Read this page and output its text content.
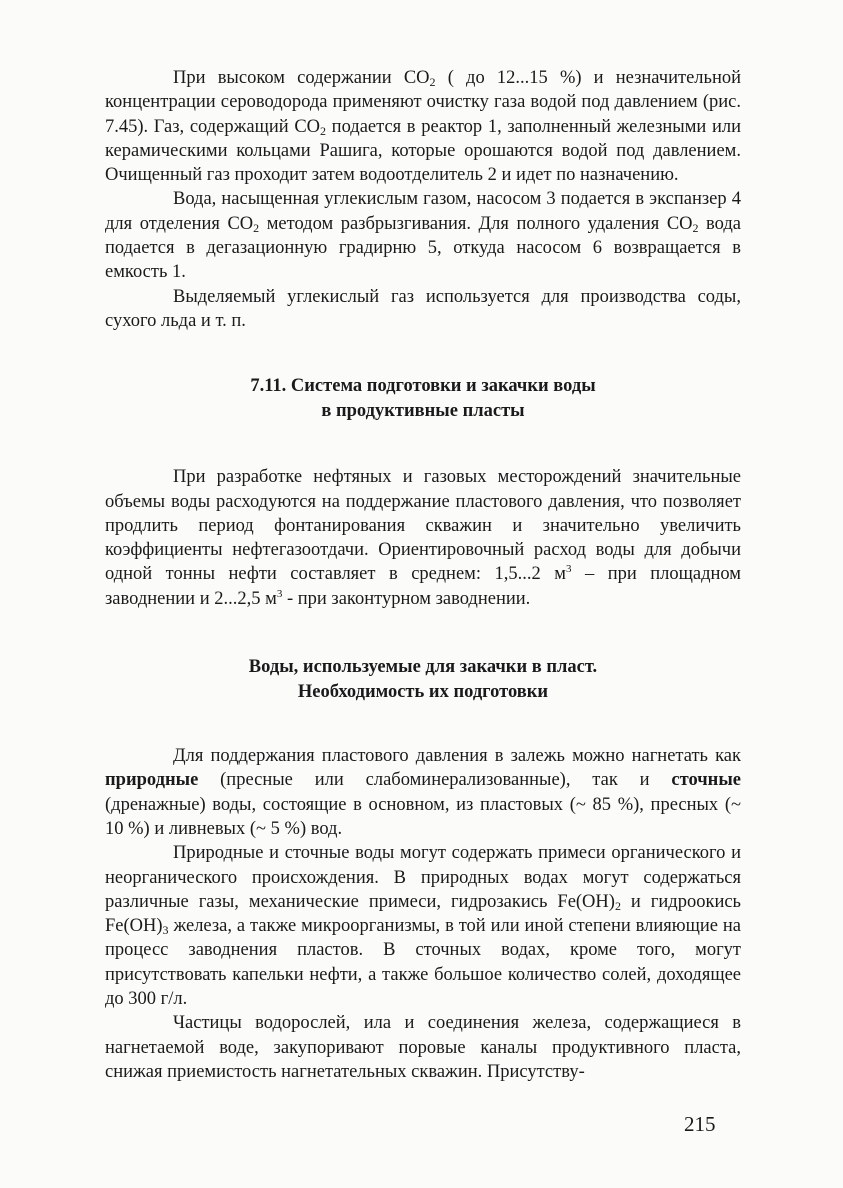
При высоком содержании $CO_2$ ( до 12...15 %) и незначительной концентрации сероводорода применяют очистку газа водой под давлением (рис. 7.45). Газ, содержащий $CO_2$ подается в реактор 1, заполненный железными или керамическими кольцами Рашига, которые орошаются водой под давлением. Очищенный газ проходит затем водоотделитель 2 и идет по назначению.

Вода, насыщенная углекислым газом, насосом 3 подается в экспанзер 4 для отделения $CO_2$ методом разбрызгивания. Для полного удаления $CO_2$ вода подается в дегазационную градирню 5, откуда насосом 6 возвращается в емкость 1.

Выделяемый углекислый газ используется для производства соды, сухого льда и т. п.

7.11. Система подготовки и закачки воды
в продуктивные пласты

При разработке нефтяных и газовых месторождений значительные объемы воды расходуются на поддержание пластового давления, что позволяет продлить период фонтанирования скважин и значительно увеличить коэффициенты нефтегазоотдачи. Ориентировочный расход воды для добычи одной тонны нефти составляет в среднем: 1,5...2 $м^3$ – при площадном заводнении и 2...2,5 $м^3$ - при законтурном заводнении.

Воды, используемые для закачки в пласт.
Необходимость их подготовки

Для поддержания пластового давления в залежь можно нагнетать как природные (пресные или слабоминерализованные), так и сточные (дренажные) воды, состоящие в основном, из пластовых (~ 85 %), пресных (~ 10 %) и ливневых (~ 5 %) вод.

Природные и сточные воды могут содержать примеси органического и неорганического происхождения. В природных водах могут содержаться различные газы, механические примеси, гидрозакись $Fe(OH)_2$ и гидроокись $Fe(OH)_3$ железа, а также микроорганизмы, в той или иной степени влияющие на процесс заводнения пластов. В сточных водах, кроме того, могут присутствовать капельки нефти, а также большое количество солей, доходящее до 300 г/л.

Частицы водорослей, ила и соединения железа, содержащиеся в нагнетаемой воде, закупоривают поровые каналы продуктивного пласта, снижая приемистость нагнетательных скважин. Присутству-

215
